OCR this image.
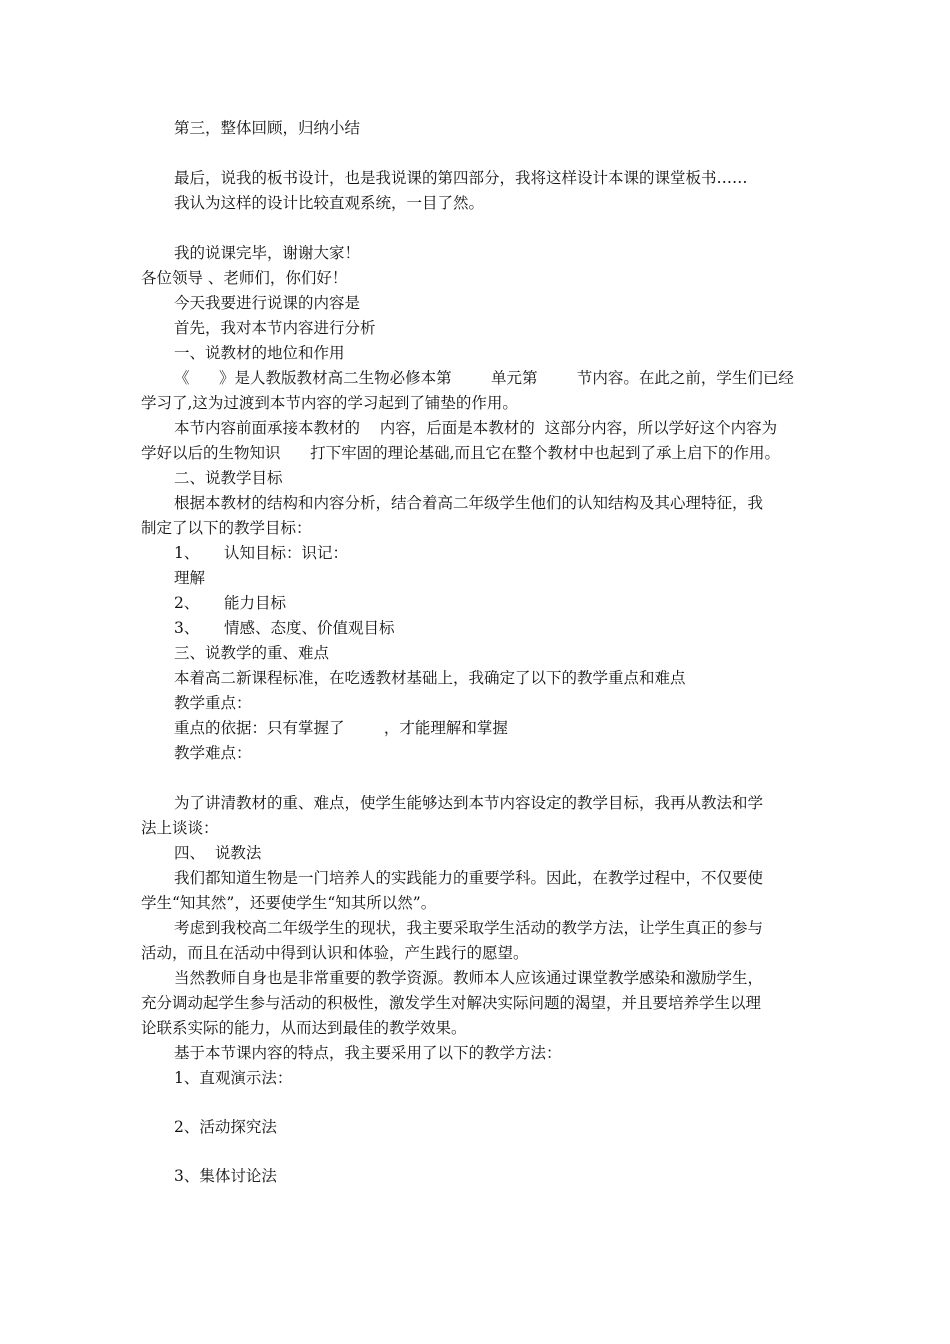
第三，整体回顾，归纳小结
最后，说我的板书设计，也是我说课的第四部分，我将这样设计本课的课堂板书……
我认为这样的设计比较直观系统，一目了然。
我的说课完毕，谢谢大家！
各位领导 、老师们，你们好！
今天我要进行说课的内容是
首先，我对本节内容进行分析
一、说教材的地位和作用
《      》是人教版教材高二生物必修本第        单元第        节内容。在此之前，学生们已经
学习了,这为过渡到本节内容的学习起到了铺垫的作用。
本节内容前面承接本教材的    内容，后面是本教材的  这部分内容，所以学好这个内容为
学好以后的生物知识      打下牢固的理论基础,而且它在整个教材中也起到了承上启下的作用。
二、说教学目标
根据本教材的结构和内容分析，结合着高二年级学生他们的认知结构及其心理特征，我
制定了以下的教学目标：
1、     认知目标：识记：
理解
2、     能力目标
3、     情感、态度、价值观目标
三、说教学的重、难点
本着高二新课程标准，在吃透教材基础上，我确定了以下的教学重点和难点
教学重点：
重点的依据：只有掌握了        ，才能理解和掌握
教学难点：
为了讲清教材的重、难点，使学生能够达到本节内容设定的教学目标，我再从教法和学
法上谈谈：
四、  说教法
我们都知道生物是一门培养人的实践能力的重要学科。因此，在教学过程中，不仅要使
学生“知其然”，还要使学生“知其所以然”。
考虑到我校高二年级学生的现状，我主要采取学生活动的教学方法，让学生真正的参与
活动，而且在活动中得到认识和体验，产生践行的愿望。
当然教师自身也是非常重要的教学资源。教师本人应该通过课堂教学感染和激励学生，
充分调动起学生参与活动的积极性，激发学生对解决实际问题的渴望，并且要培养学生以理
论联系实际的能力，从而达到最佳的教学效果。
基于本节课内容的特点，我主要采用了以下的教学方法：
1、直观演示法：
2、活动探究法
3、集体讨论法
